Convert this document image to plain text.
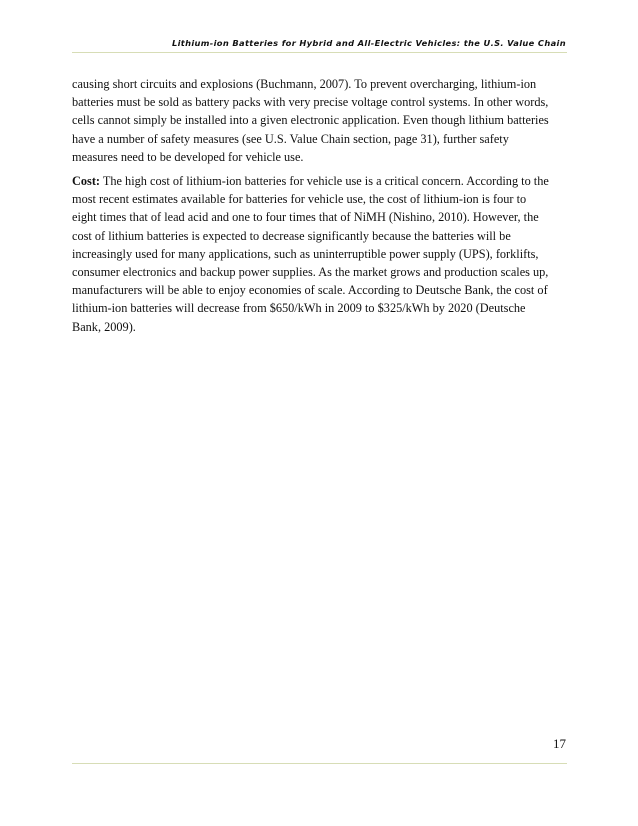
Lithium-ion Batteries for Hybrid and All-Electric Vehicles: the U.S. Value Chain

causing short circuits and explosions (Buchmann, 2007). To prevent overcharging, lithium-ion
batteries must be sold as battery packs with very precise voltage control systems. In other words,
cells cannot simply be installed into a given electronic application. Even though lithium batteries
have a number of safety measures (see U.S. Value Chain section, page 31), further safety
measures need to be developed for vehicle use.

Cost: The high cost of lithium-ion batteries for vehicle use is a critical concern. According to the
most recent estimates available for batteries for vehicle use, the cost of lithium-ion is four to
eight times that of lead acid and one to four times that of NiMH (Nishino, 2010). However, the
cost of lithium batteries is expected to decrease significantly because the batteries will be
increasingly used for many applications, such as uninterruptible power supply (UPS), forklifts,
consumer electronics and backup power supplies. As the market grows and production scales up,
manufacturers will be able to enjoy economies of scale. According to Deutsche Bank, the cost of
lithium-ion batteries will decrease from $650/kWh in 2009 to $325/kWh by 2020 (Deutsche
Bank, 2009).

17
